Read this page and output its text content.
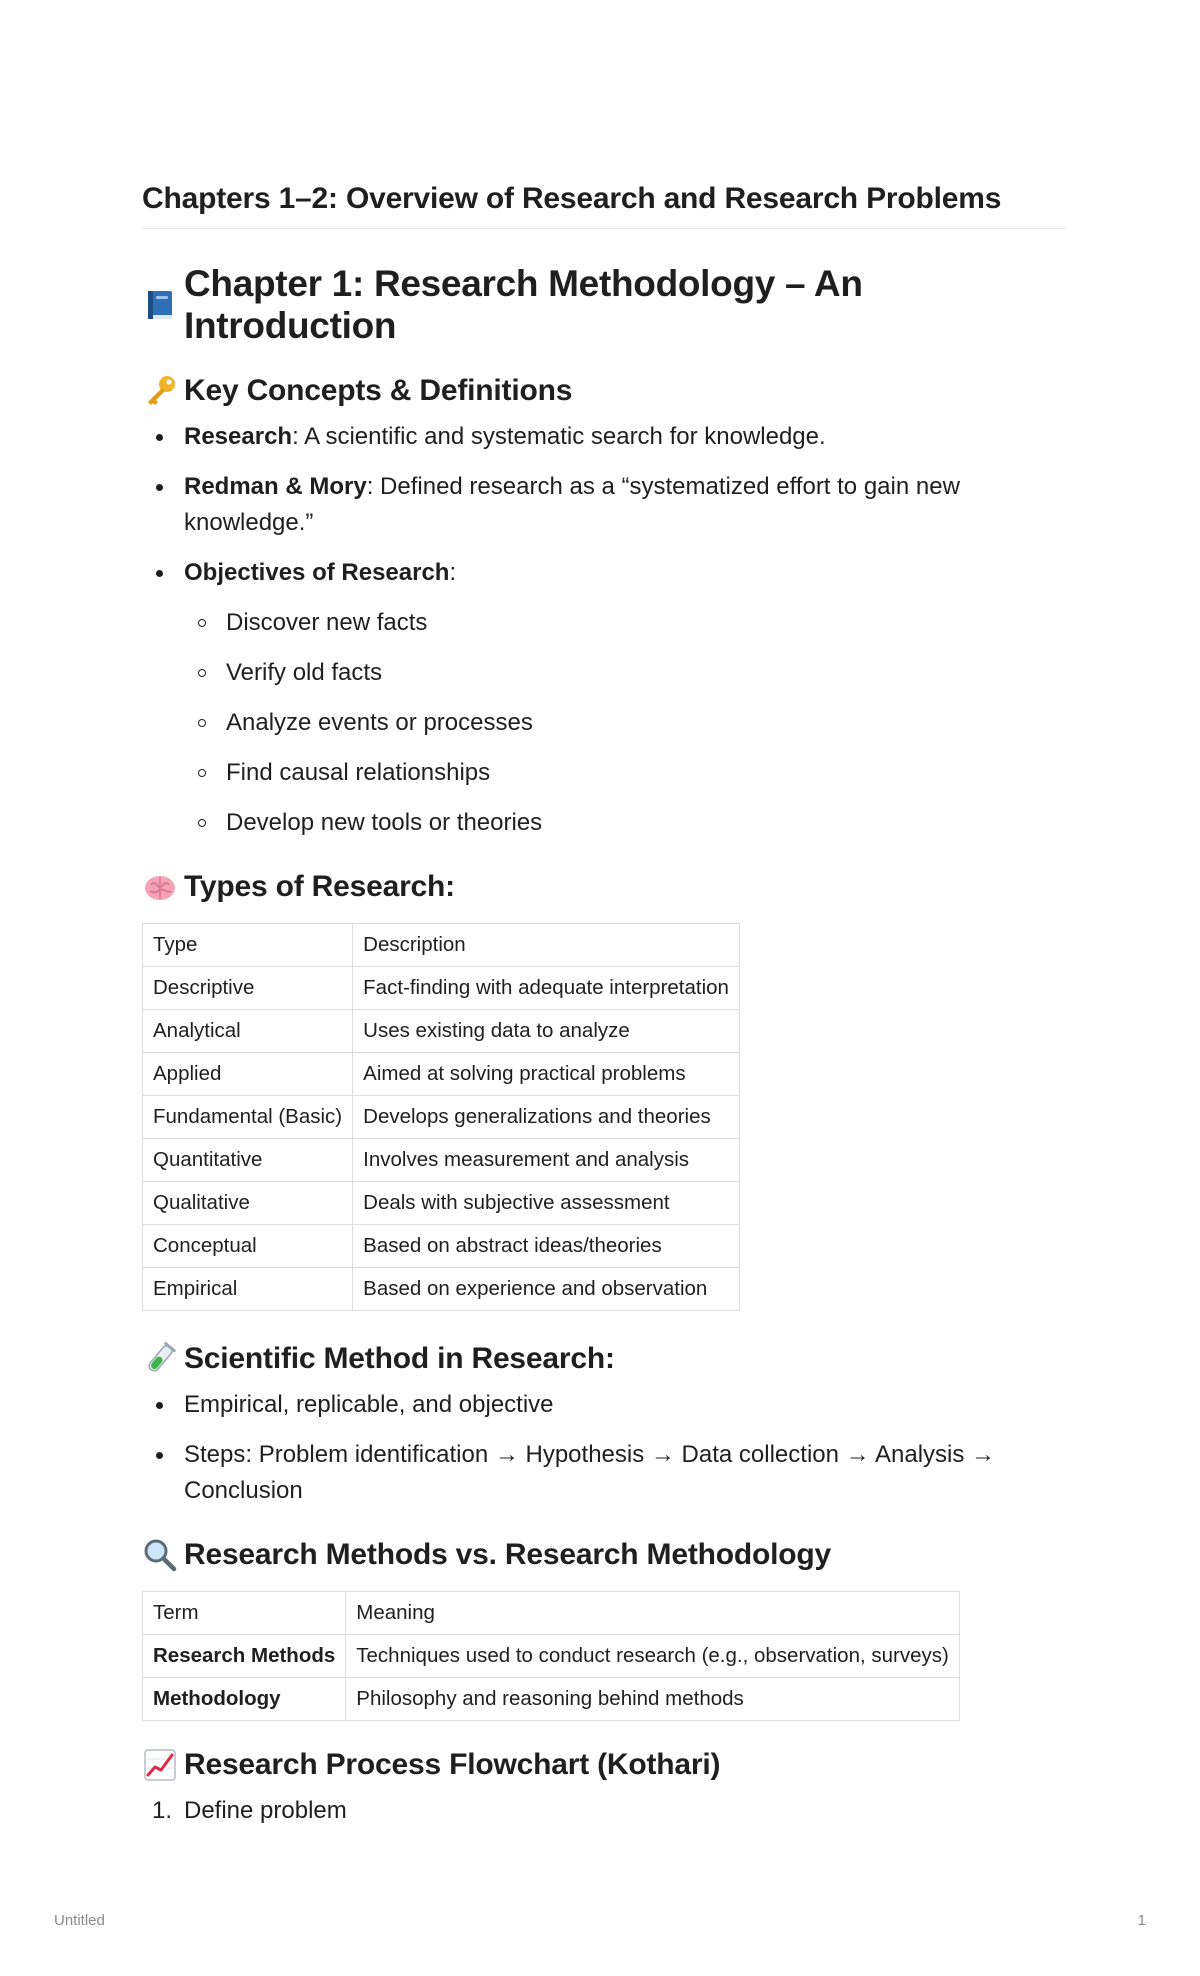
Chapters 1–2: Overview of Research and Research Problems
Chapter 1: Research Methodology – An Introduction
Key Concepts & Definitions
Research: A scientific and systematic search for knowledge.
Redman & Mory: Defined research as a “systematized effort to gain new knowledge.”
Objectives of Research:
Discover new facts
Verify old facts
Analyze events or processes
Find causal relationships
Develop new tools or theories
Types of Research:
Type	Description
Descriptive	Fact-finding with adequate interpretation
Analytical	Uses existing data to analyze
Applied	Aimed at solving practical problems
Fundamental (Basic)	Develops generalizations and theories
Quantitative	Involves measurement and analysis
Qualitative	Deals with subjective assessment
Conceptual	Based on abstract ideas/theories
Empirical	Based on experience and observation
Scientific Method in Research:
Empirical, replicable, and objective
Steps: Problem identification → Hypothesis → Data collection → Analysis → Conclusion
Research Methods vs. Research Methodology
Term	Meaning
Research Methods	Techniques used to conduct research (e.g., observation, surveys)
Methodology	Philosophy and reasoning behind methods
Research Process Flowchart (Kothari)
1. Define problem
Untitled	1
